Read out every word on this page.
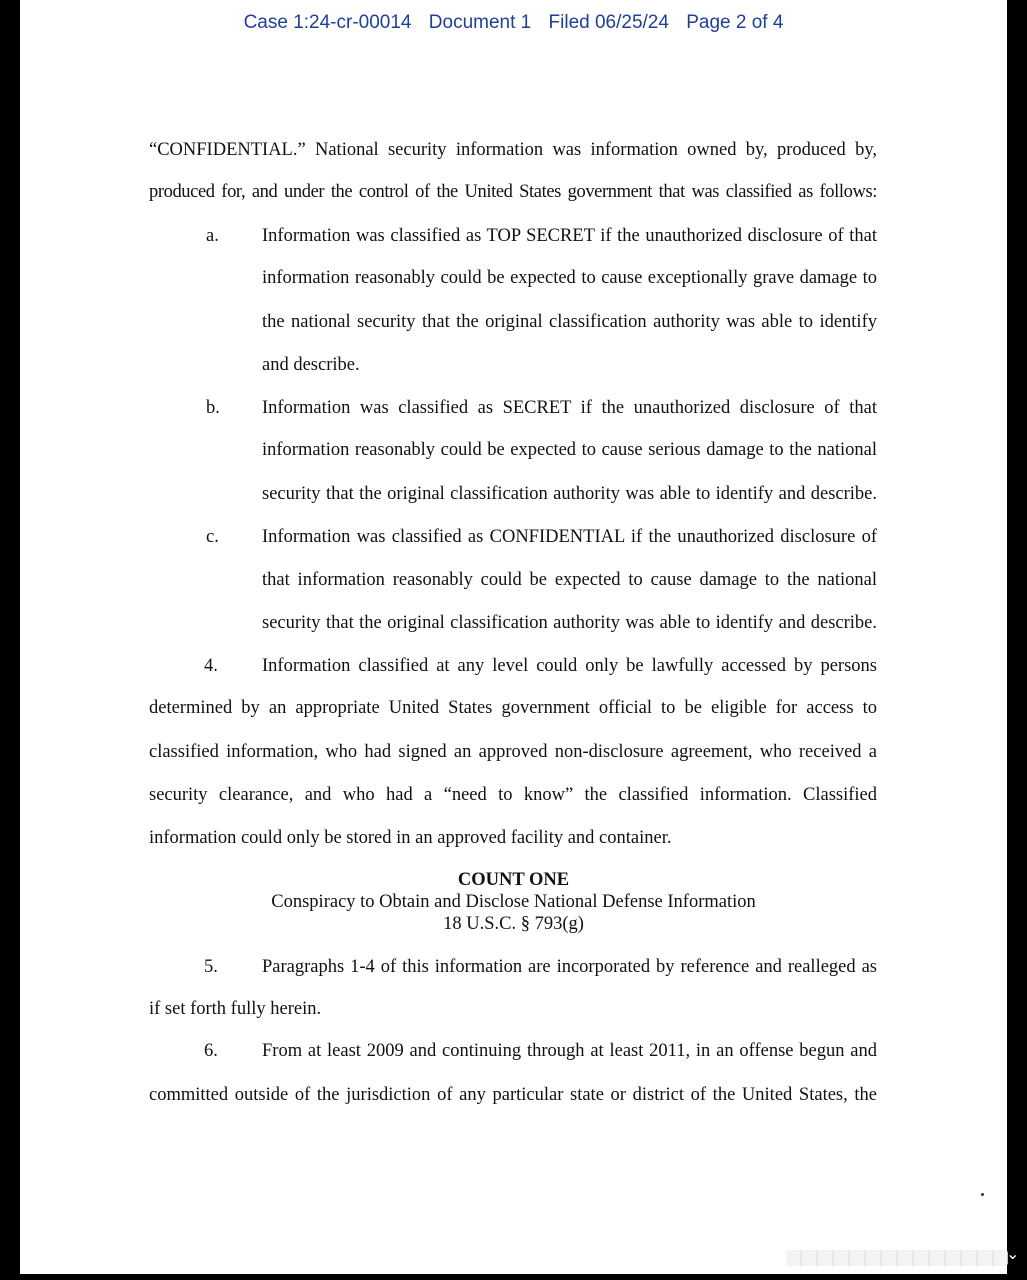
Case 1:24-cr-00014 Document 1 Filed 06/25/24 Page 2 of 4
“CONFIDENTIAL.” National security information was information owned by, produced by,
produced for, and under the control of the United States government that was classified as follows:
a. Information was classified as TOP SECRET if the unauthorized disclosure of that
information reasonably could be expected to cause exceptionally grave damage to
the national security that the original classification authority was able to identify
and describe.
b. Information was classified as SECRET if the unauthorized disclosure of that
information reasonably could be expected to cause serious damage to the national
security that the original classification authority was able to identify and describe.
c. Information was classified as CONFIDENTIAL if the unauthorized disclosure of
that information reasonably could be expected to cause damage to the national
security that the original classification authority was able to identify and describe.
4. Information classified at any level could only be lawfully accessed by persons
determined by an appropriate United States government official to be eligible for access to
classified information, who had signed an approved non-disclosure agreement, who received a
security clearance, and who had a “need to know” the classified information. Classified
information could only be stored in an approved facility and container.
COUNT ONE
Conspiracy to Obtain and Disclose National Defense Information
18 U.S.C. § 793(g)
5. Paragraphs 1-4 of this information are incorporated by reference and realleged as
if set forth fully herein.
6. From at least 2009 and continuing through at least 2011, in an offense begun and
committed outside of the jurisdiction of any particular state or district of the United States, the
⌄
